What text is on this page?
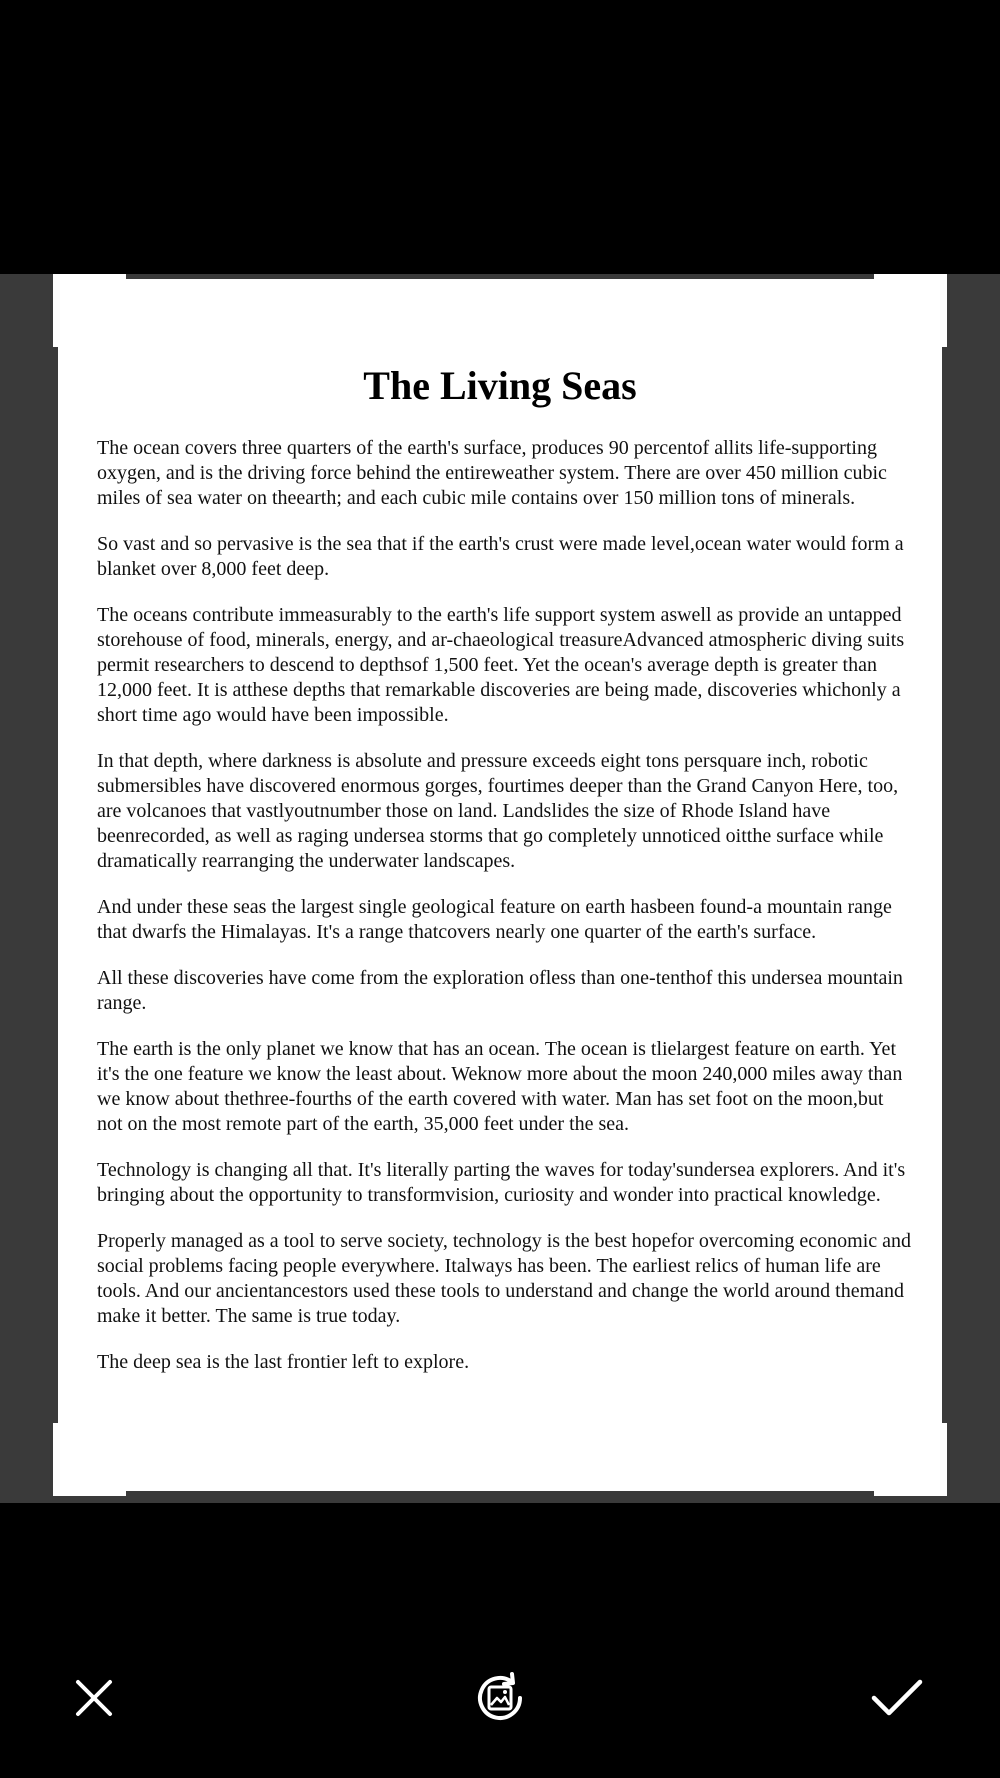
The Living Seas

The ocean covers three quarters of the earth's surface, produces 90 percentof allits life-supporting oxygen, and is the driving force behind the entireweather system. There are over 450 million cubic miles of sea water on theearth; and each cubic mile contains over 150 million tons of minerals.

So vast and so pervasive is the sea that if the earth's crust were made level,ocean water would form a blanket over 8,000 feet deep.

The oceans contribute immeasurably to the earth's life support system aswell as provide an untapped storehouse of food, minerals, energy, and ar-chaeological treasureAdvanced atmospheric diving suits permit researchers to descend to depthsof 1,500 feet. Yet the ocean's average depth is greater than 12,000 feet. It is atthese depths that remarkable discoveries are being made, discoveries whichonly a short time ago would have been impossible.

In that depth, where darkness is absolute and pressure exceeds eight tons persquare inch, robotic submersibles have discovered enormous gorges, fourtimes deeper than the Grand Canyon Here, too, are volcanoes that vastlyoutnumber those on land. Landslides the size of Rhode Island have beenrecorded, as well as raging undersea storms that go completely unnoticed oitthe surface while dramatically rearranging the underwater landscapes.

And under these seas the largest single geological feature on earth hasbeen found-a mountain range that dwarfs the Himalayas. It's a range thatcovers nearly one quarter of the earth's surface.

All these discoveries have come from the exploration ofless than one-tenthof this undersea mountain range.

The earth is the only planet we know that has an ocean. The ocean is tlielargest feature on earth. Yet it's the one feature we know the least about. Weknow more about the moon 240,000 miles away than we know about thethree-fourths of the earth covered with water. Man has set foot on the moon,but not on the most remote part of the earth, 35,000 feet under the sea.

Technology is changing all that. It's literally parting the waves for today'sundersea explorers. And it's bringing about the opportunity to transformvision, curiosity and wonder into practical knowledge.

Properly managed as a tool to serve society, technology is the best hopefor overcoming economic and social problems facing people everywhere. Italways has been. The earliest relics of human life are tools. And our ancientancestors used these tools to understand and change the world around themand make it better. The same is true today.

The deep sea is the last frontier left to explore.
